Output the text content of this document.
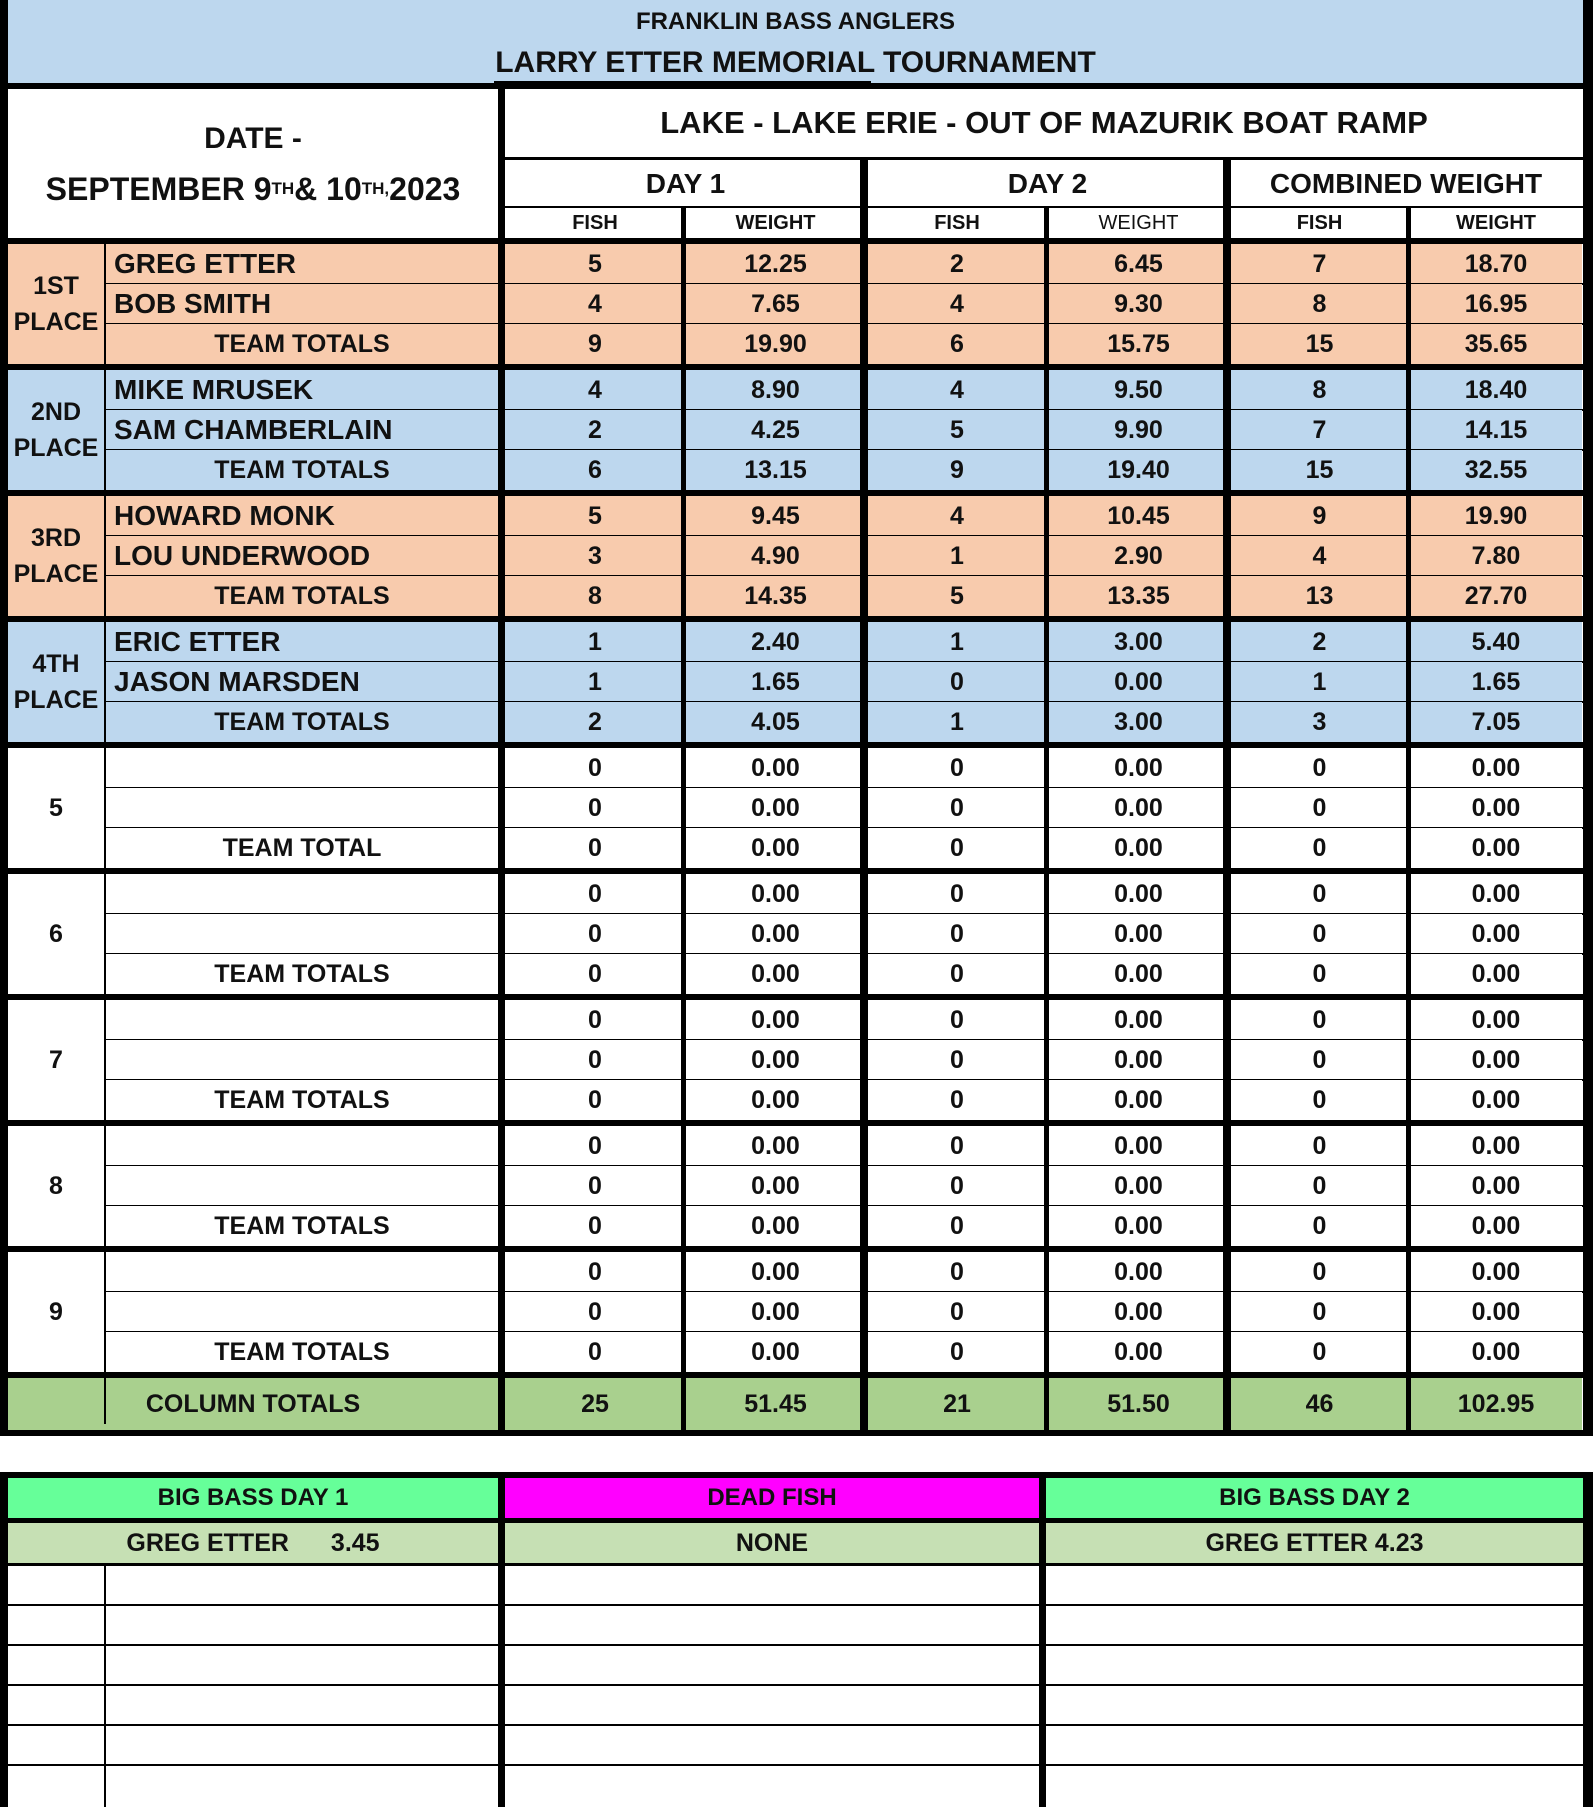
FRANKLIN BASS ANGLERS
LARRY ETTER MEMORIAL TOURNAMENT
DATE -
SEPTEMBER 9 TH & 10 TH, 2023
LAKE - LAKE ERIE - OUT OF MAZURIK BOAT RAMP
DAY 1	DAY 2	COMBINED WEIGHT
FISH	WEIGHT	FISH	WEIGHT	FISH	WEIGHT
1ST
PLACE
GREG ETTER	5	12.25	2	6.45	7	18.70
BOB SMITH	4	7.65	4	9.30	8	16.95
TEAM TOTALS	9	19.90	6	15.75	15	35.65
2ND
PLACE
MIKE MRUSEK	4	8.90	4	9.50	8	18.40
SAM CHAMBERLAIN	2	4.25	5	9.90	7	14.15
TEAM TOTALS	6	13.15	9	19.40	15	32.55
3RD
PLACE
HOWARD MONK	5	9.45	4	10.45	9	19.90
LOU UNDERWOOD	3	4.90	1	2.90	4	7.80
TEAM TOTALS	8	14.35	5	13.35	13	27.70
4TH
PLACE
ERIC ETTER	1	2.40	1	3.00	2	5.40
JASON MARSDEN	1	1.65	0	0.00	1	1.65
TEAM TOTALS	2	4.05	1	3.00	3	7.05
5
0	0.00	0	0.00	0	0.00
0	0.00	0	0.00	0	0.00
TEAM TOTAL	0	0.00	0	0.00	0	0.00
6
0	0.00	0	0.00	0	0.00
0	0.00	0	0.00	0	0.00
TEAM TOTALS	0	0.00	0	0.00	0	0.00
7
0	0.00	0	0.00	0	0.00
0	0.00	0	0.00	0	0.00
TEAM TOTALS	0	0.00	0	0.00	0	0.00
8
0	0.00	0	0.00	0	0.00
0	0.00	0	0.00	0	0.00
TEAM TOTALS	0	0.00	0	0.00	0	0.00
9
0	0.00	0	0.00	0	0.00
0	0.00	0	0.00	0	0.00
TEAM TOTALS	0	0.00	0	0.00	0	0.00
COLUMN TOTALS	25	51.45	21	51.50	46	102.95
BIG BASS DAY 1	DEAD FISH	BIG BASS DAY 2
GREG ETTER 3.45	NONE	GREG ETTER 4.23
